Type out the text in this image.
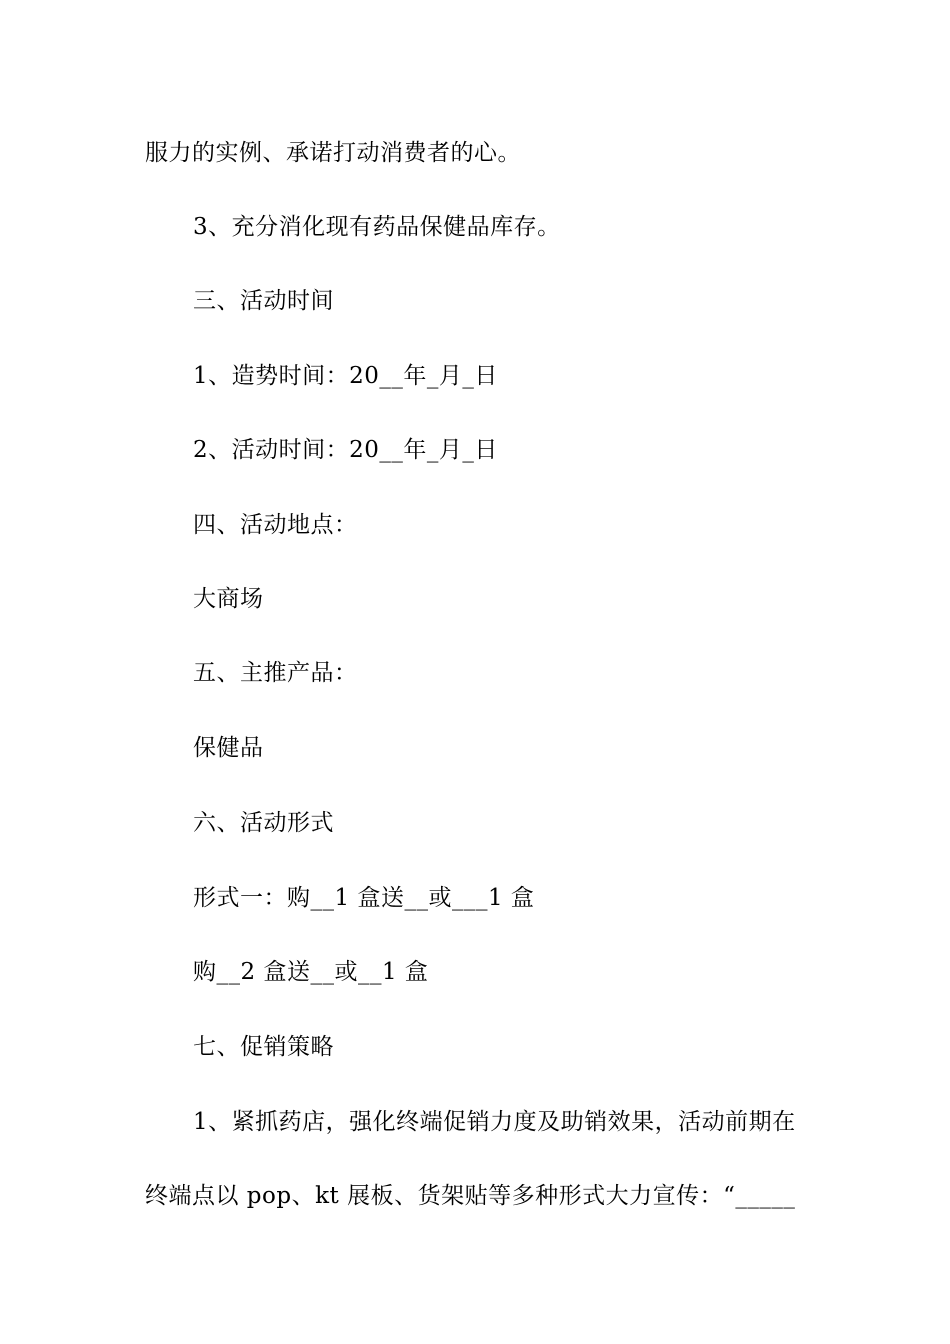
服力的实例、承诺打动消费者的心。
3、充分消化现有药品保健品库存。
三、活动时间
1、造势时间：20__年_月_日
2、活动时间：20__年_月_日
四、活动地点：
大商场
五、主推产品：
保健品
六、活动形式
形式一：购__1 盒送__或___1 盒
购__2 盒送__或__1 盒
七、促销策略
1、紧抓药店，强化终端促销力度及助销效果，活动前期在
终端点以 pop、kt 展板、货架贴等多种形式大力宣传：“_____
